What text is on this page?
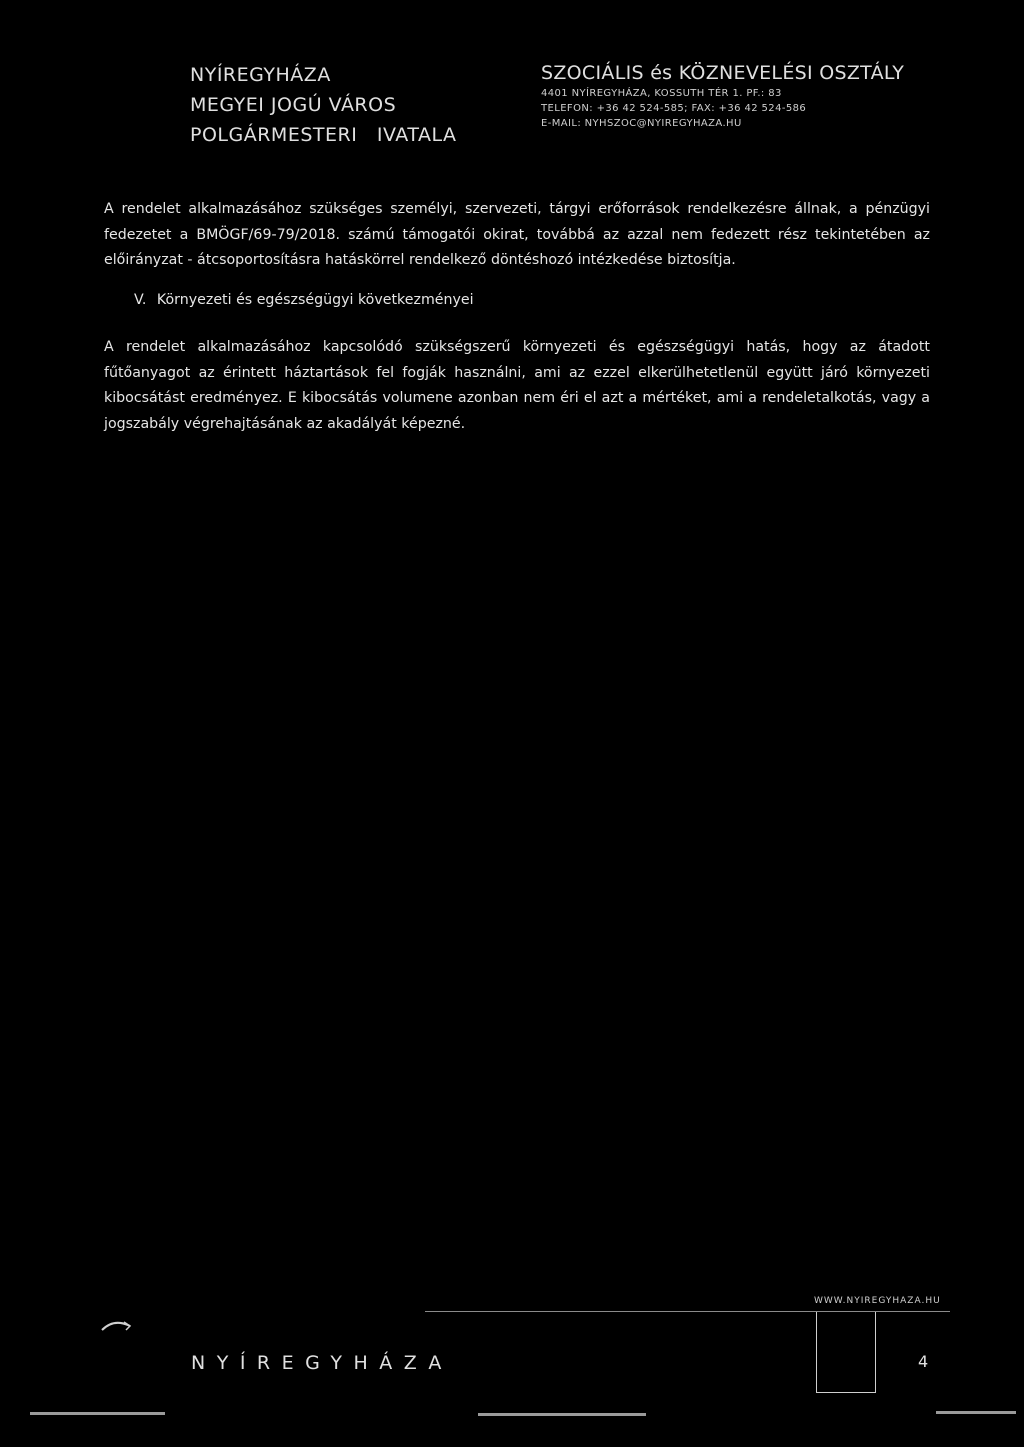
NYÍREGYHÁZA
MEGYEI JOGÚ VÁROS
POLGÁRMESTERI   IVATALA
SZOCIÁLIS és KÖZNEVELÉSI OSZTÁLY
4401 NYÍREGYHÁZA, KOSSUTH TÉR 1. PF.: 83
TELEFON: +36 42 524-585; FAX: +36 42 524-586
E-MAIL: NYHSZOC@NYIREGYHAZA.HU
A rendelet alkalmazásához szükséges személyi, szervezeti, tárgyi erőforrások rendelkezésre állnak, a pénzügyi fedezetet a BMÖGF/69-79/2018. számú támogatói okirat, továbbá az azzal nem fedezett rész tekintetében az előirányzat - átcsoportosításra hatáskörrel rendelkező döntéshozó intézkedése biztosítja.
V. Környezeti és egészségügyi következményei
A rendelet alkalmazásához kapcsolódó szükségszerű környezeti és egészségügyi hatás, hogy az átadott fűtőanyagot az érintett háztartások fel fogják használni, ami az ezzel elkerülhetetlenül együtt járó környezeti kibocsátást eredményez. E kibocsátás volumene azonban nem éri el azt a mértéket, ami a rendeletalkotás, vagy a jogszabály végrehajtásának az akadályát képezné.
WWW.NYIREGYHAZA.HU
NYÍREGYHÁZA	4
